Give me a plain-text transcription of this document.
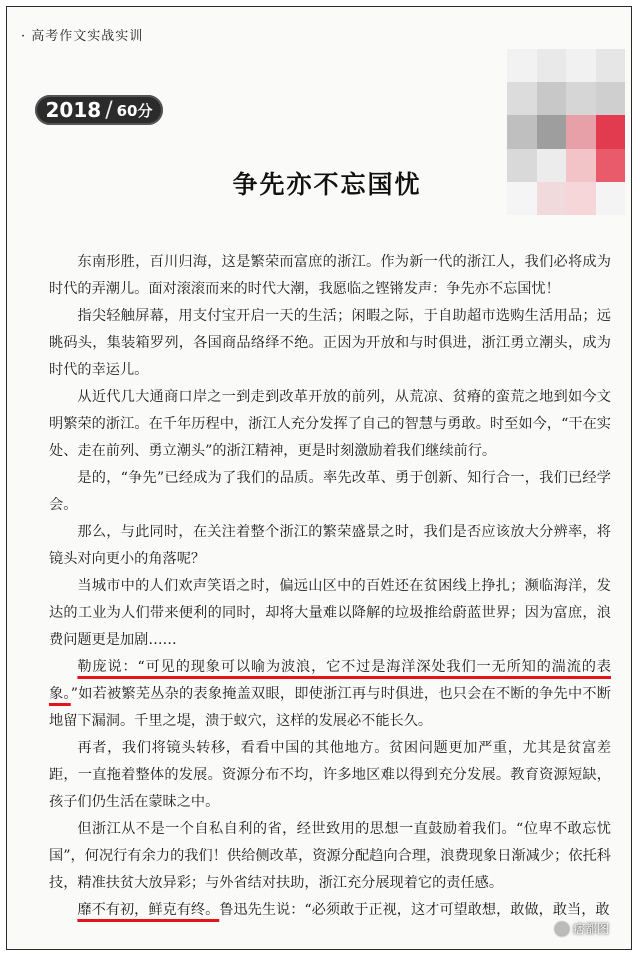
· 高考作文实战实训
2018 / 60分
争先亦不忘国忧

东南形胜，百川归海，这是繁荣而富庶的浙江。作为新一代的浙江人，我们必将成为时代的弄潮儿。面对滚滚而来的时代大潮，我愿临之铿锵发声：争先亦不忘国忧！

指尖轻触屏幕，用支付宝开启一天的生活；闲暇之际，于自助超市选购生活用品；远眺码头，集装箱罗列，各国商品络绎不绝。正因为开放和与时俱进，浙江勇立潮头，成为时代的幸运儿。

从近代几大通商口岸之一到走到改革开放的前列，从荒凉、贫瘠的蛮荒之地到如今文明繁荣的浙江。在千年历程中，浙江人充分发挥了自己的智慧与勇敢。时至如今，“干在实处、走在前列、勇立潮头”的浙江精神，更是时刻激励着我们继续前行。

是的，“争先”已经成为了我们的品质。率先改革、勇于创新、知行合一，我们已经学会。

那么，与此同时，在关注着整个浙江的繁荣盛景之时，我们是否应该放大分辨率，将镜头对向更小的角落呢？

当城市中的人们欢声笑语之时，偏远山区中的百姓还在贫困线上挣扎；濒临海洋，发达的工业为人们带来便利的同时，却将大量难以降解的垃圾推给蔚蓝世界；因为富庶，浪费问题更是加剧……

勒庞说：“可见的现象可以喻为波浪，它不过是海洋深处我们一无所知的湍流的表象。”如若被繁芜丛杂的表象掩盖双眼，即使浙江再与时俱进，也只会在不断的争先中不断地留下漏洞。千里之堤，溃于蚁穴，这样的发展必不能长久。

再者，我们将镜头转移，看看中国的其他地方。贫困问题更加严重，尤其是贫富差距，一直拖着整体的发展。资源分布不均，许多地区难以得到充分发展。教育资源短缺，孩子们仍生活在蒙昧之中。

但浙江从不是一个自私自利的省，经世致用的思想一直鼓励着我们。“位卑不敢忘忧国”，何况行有余力的我们！供给侧改革，资源分配趋向合理，浪费现象日渐减少；依托科技，精准扶贫大放异彩；与外省结对扶助，浙江充分展现着它的责任感。

靡不有初，鲜克有终。鲁迅先生说：“必须敢于正视，这才可望敢想，敢做，敢当，敢

痞都图
